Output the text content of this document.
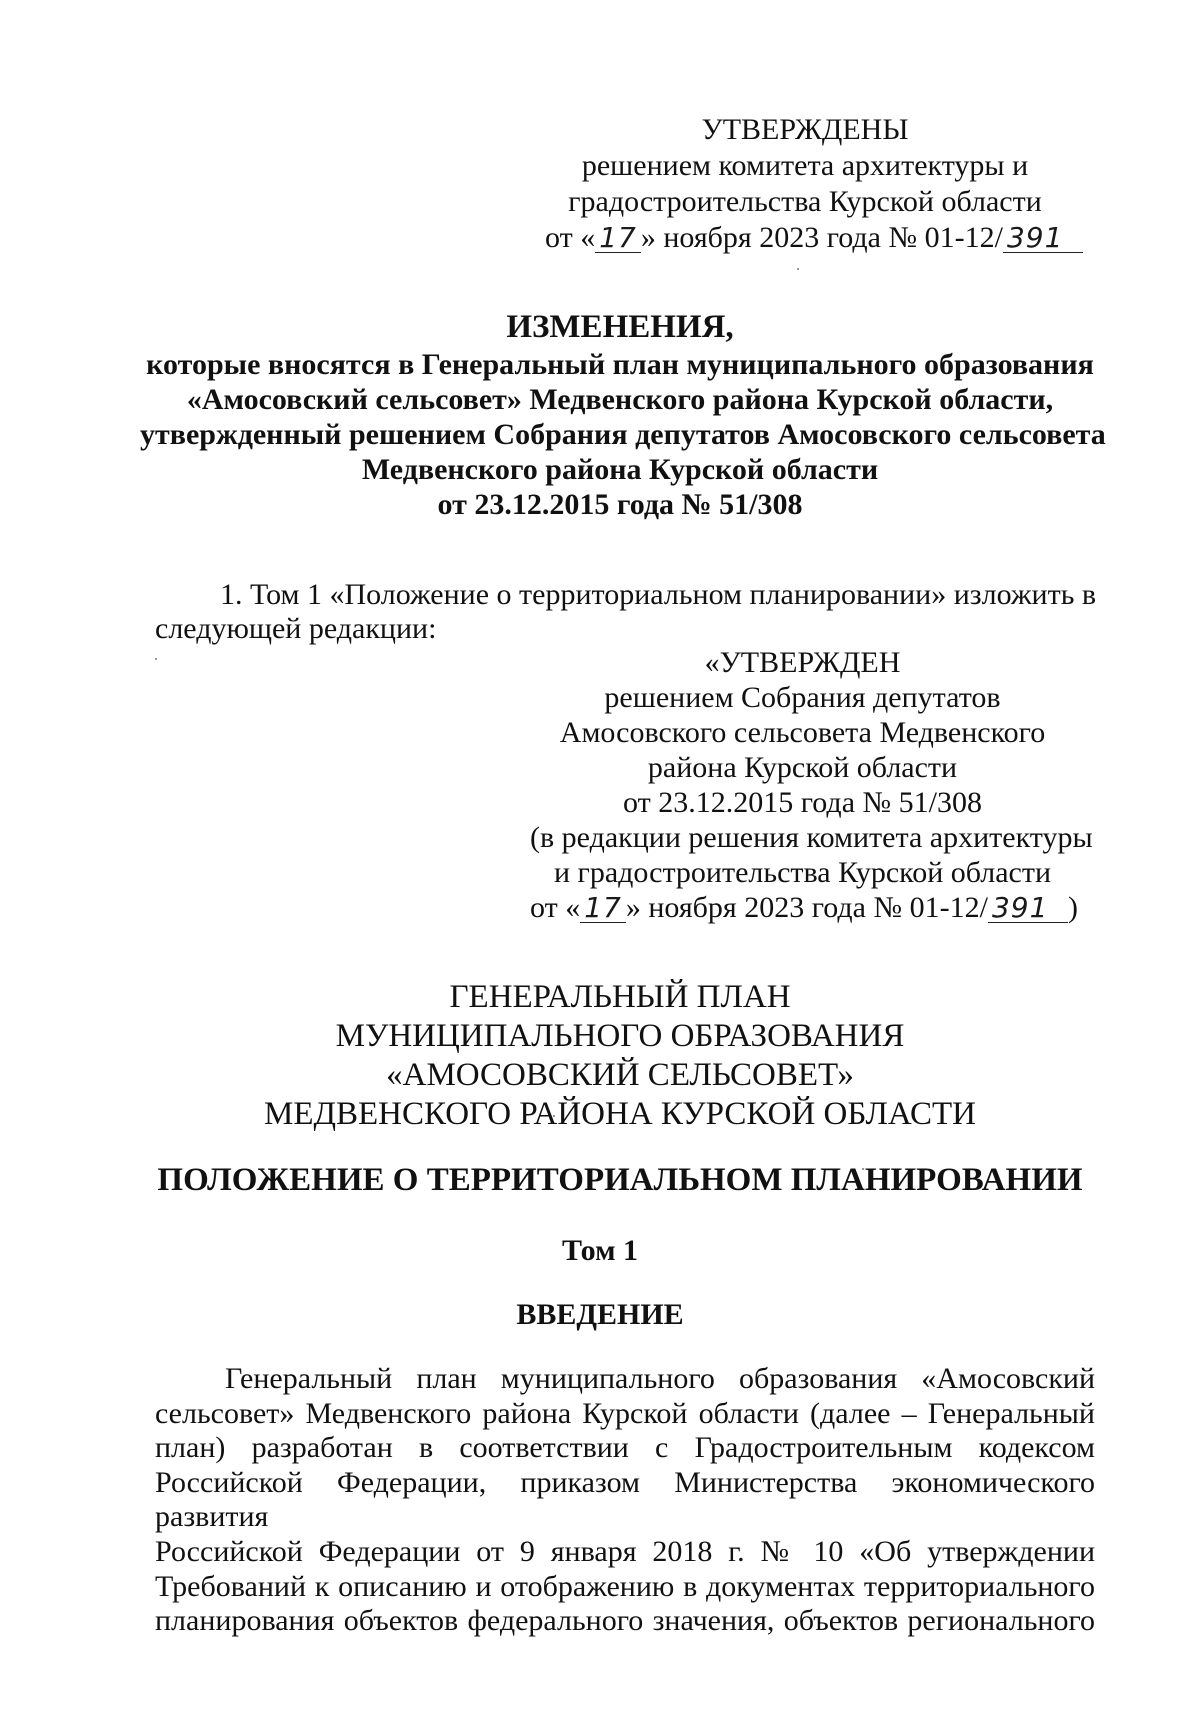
УТВЕРЖДЕНЫ
решением комитета архитектуры и
градостроительства Курской области
от « 17 » ноября 2023 года № 01-12/ 391
ИЗМЕНЕНИЯ,
которые вносятся в Генеральный план муниципального образования
«Амосовский сельсовет» Медвенского района Курской области,
утвержденный решением Собрания депутатов Амосовского сельсовета
Медвенского района Курской области
от 23.12.2015 года № 51/308
1. Том 1 «Положение о территориальном планировании» изложить в
следующей редакции:
«УТВЕРЖДЕН
решением Собрания депутатов
Амосовского сельсовета Медвенского
района Курской области
от 23.12.2015 года № 51/308
(в редакции решения комитета архитектуры
и градостроительства Курской области
от « 17 » ноября 2023 года № 01-12/ 391 )
ГЕНЕРАЛЬНЫЙ ПЛАН
МУНИЦИПАЛЬНОГО ОБРАЗОВАНИЯ
«АМОСОВСКИЙ СЕЛЬСОВЕТ»
МЕДВЕНСКОГО РАЙОНА КУРСКОЙ ОБЛАСТИ
ПОЛОЖЕНИЕ О ТЕРРИТОРИАЛЬНОМ ПЛАНИРОВАНИИ
Том 1
ВВЕДЕНИЕ
Генеральный план муниципального образования «Амосовский
сельсовет» Медвенского района Курской области (далее – Генеральный
план) разработан в соответствии с Градостроительным кодексом
Российской Федерации, приказом Министерства экономического развития
Российской Федерации от 9 января 2018 г. № 10 «Об утверждении
Требований к описанию и отображению в документах территориального
планирования объектов федерального значения, объектов регионального
